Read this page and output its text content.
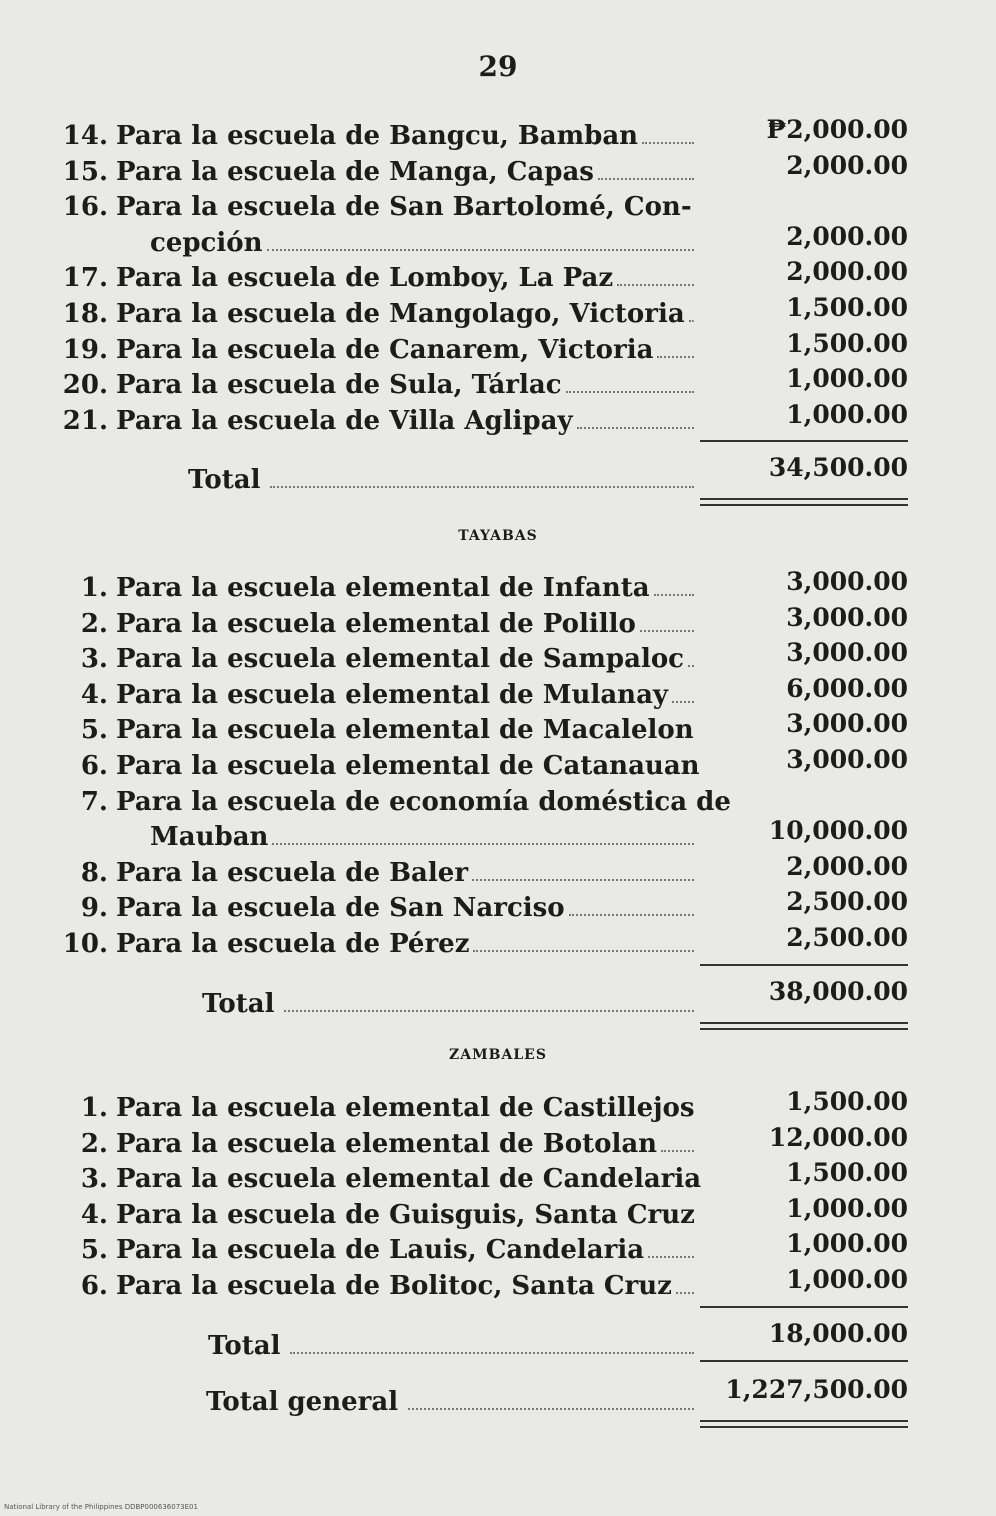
29
14. Para la escuela de Bangcu, Bamban	₱2,000.00
15. Para la escuela de Manga, Capas	2,000.00
16. Para la escuela de San Bartolomé, Con-
cepción	2,000.00
17. Para la escuela de Lomboy, La Paz	2,000.00
18. Para la escuela de Mangolago, Victoria	1,500.00
19. Para la escuela de Canarem, Victoria	1,500.00
20. Para la escuela de Sula, Tárlac	1,000.00
21. Para la escuela de Villa Aglipay	1,000.00
Total	34,500.00
TAYABAS
1. Para la escuela elemental de Infanta	3,000.00
2. Para la escuela elemental de Polillo	3,000.00
3. Para la escuela elemental de Sampaloc	3,000.00
4. Para la escuela elemental de Mulanay	6,000.00
5. Para la escuela elemental de Macalelon	3,000.00
6. Para la escuela elemental de Catanauan	3,000.00
7. Para la escuela de economía doméstica de
Mauban	10,000.00
8. Para la escuela de Baler	2,000.00
9. Para la escuela de San Narciso	2,500.00
10. Para la escuela de Pérez	2,500.00
Total	38,000.00
ZAMBALES
1. Para la escuela elemental de Castillejos	1,500.00
2. Para la escuela elemental de Botolan	12,000.00
3. Para la escuela elemental de Candelaria	1,500.00
4. Para la escuela de Guisguis, Santa Cruz	1,000.00
5. Para la escuela de Lauis, Candelaria	1,000.00
6. Para la escuela de Bolitoc, Santa Cruz	1,000.00
Total	18,000.00
Total general	1,227,500.00
National Library of the Philippines DDBP000636073E01
